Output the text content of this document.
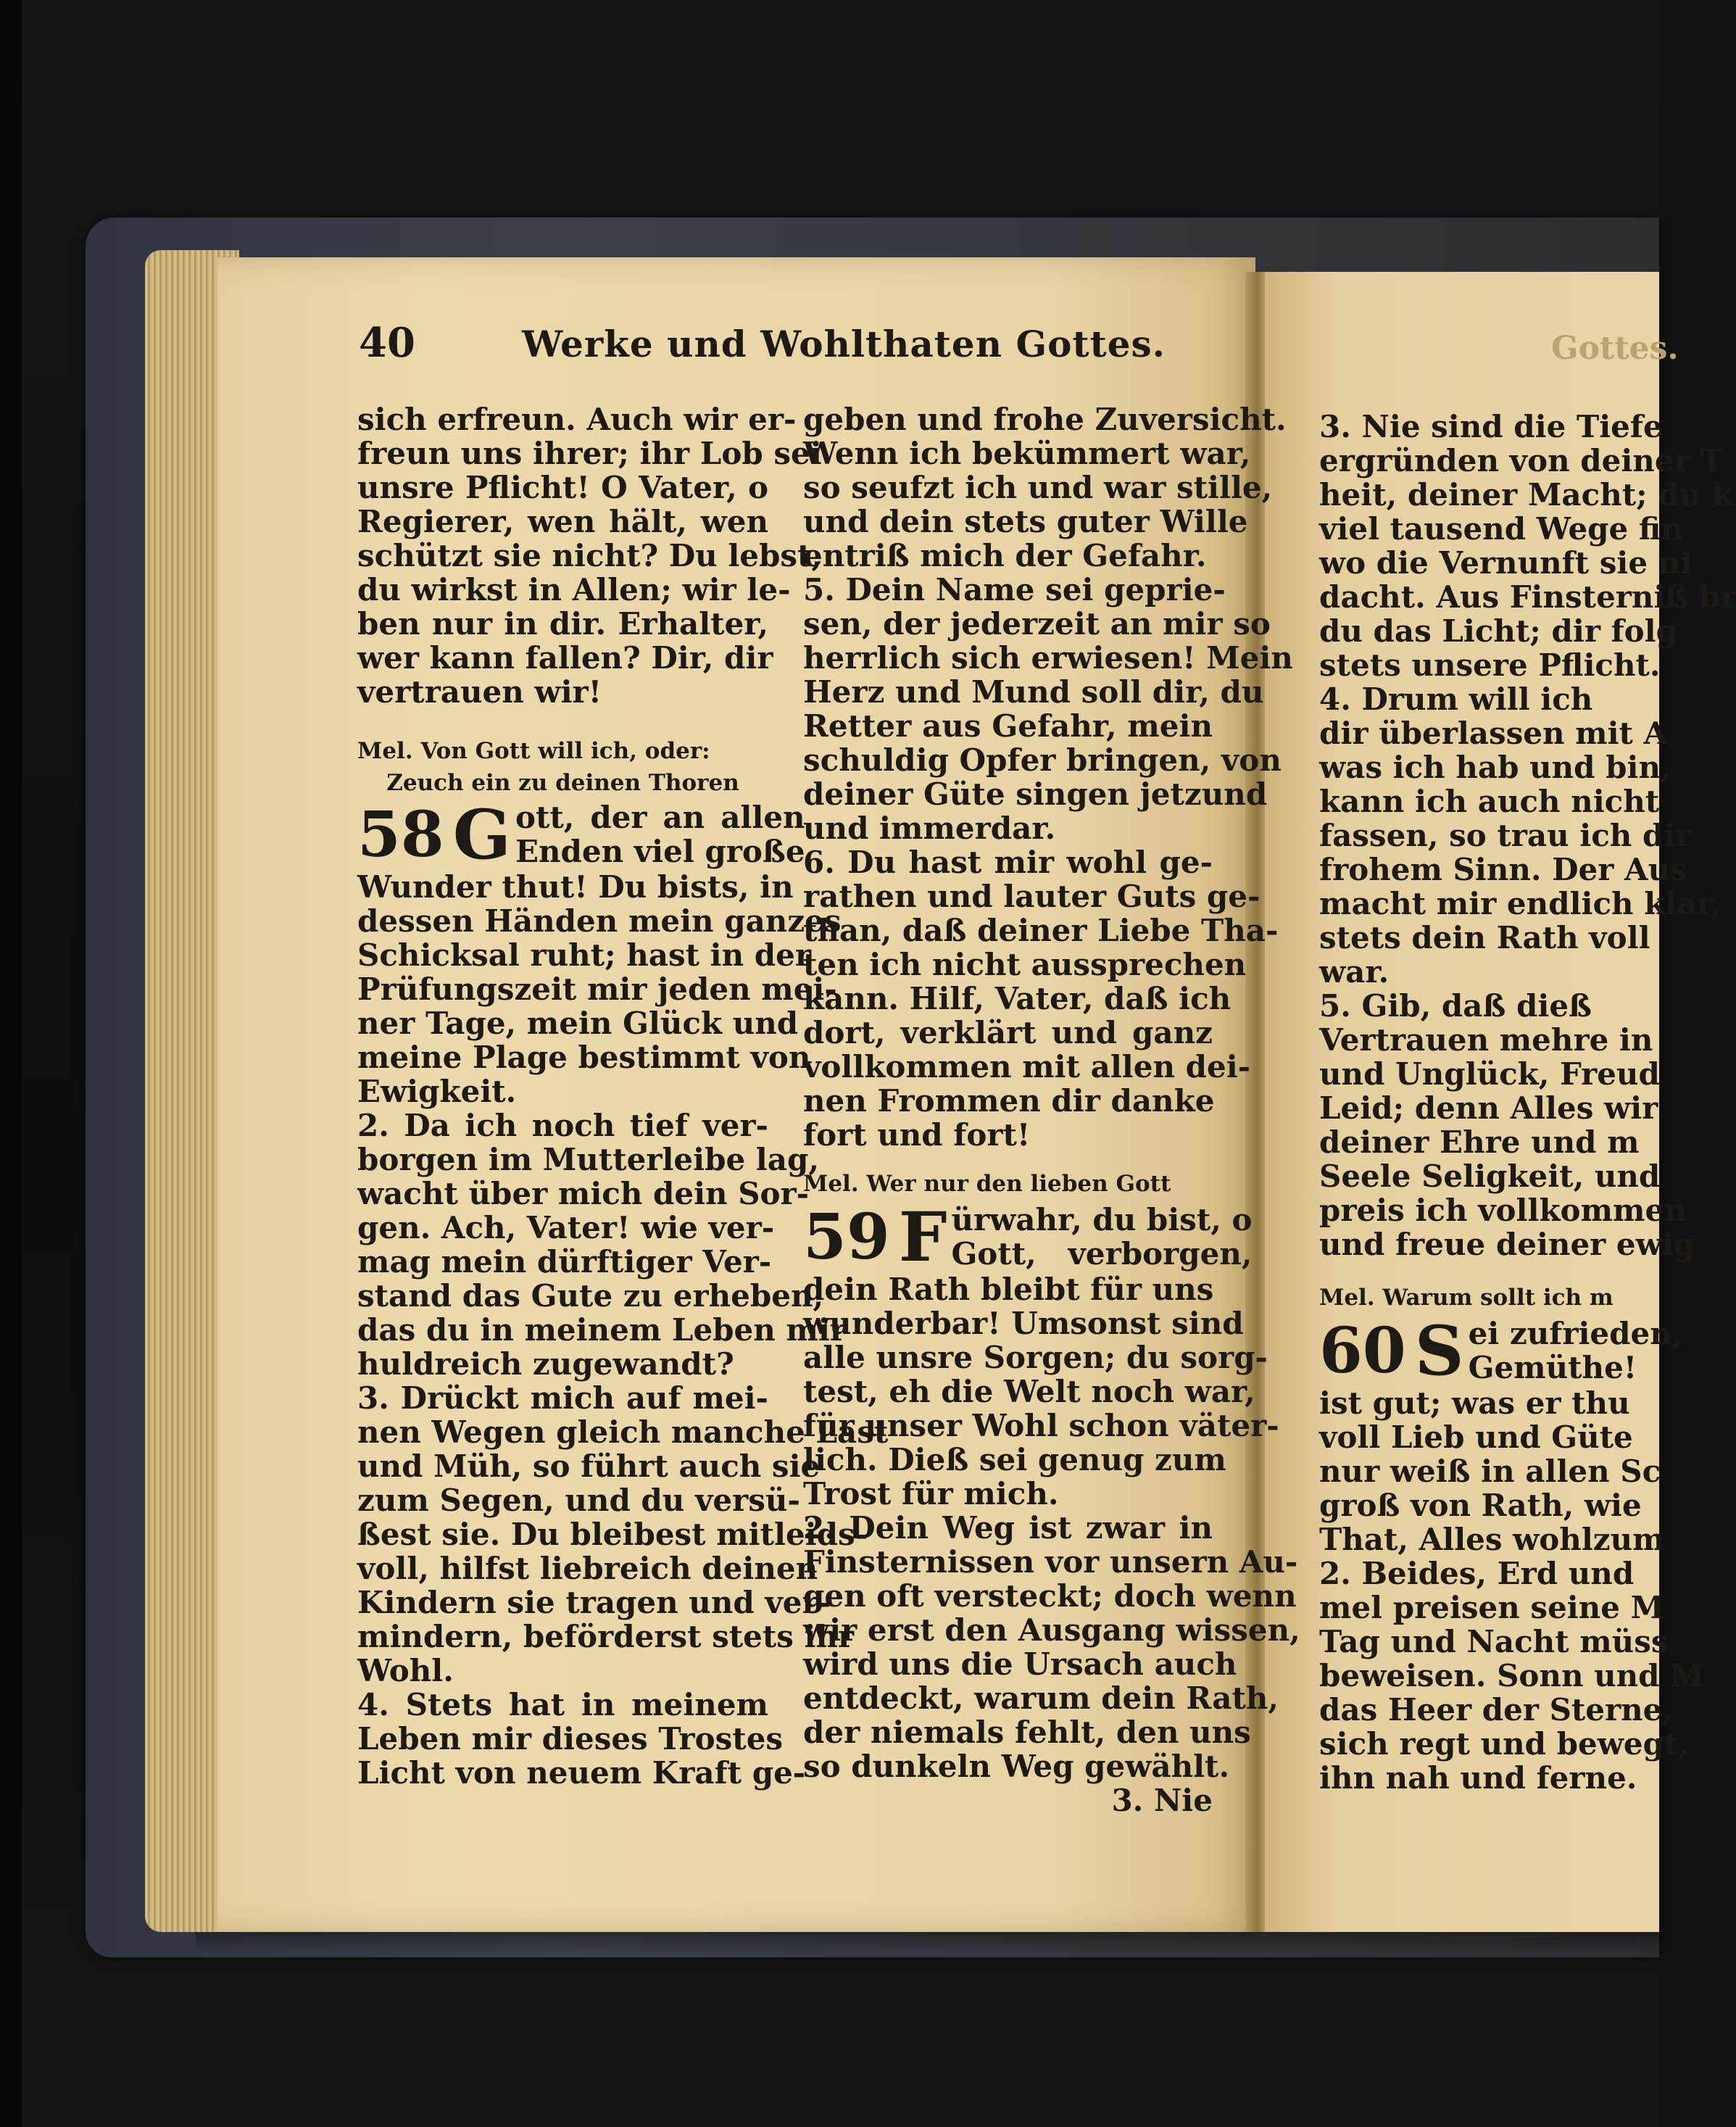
40	Werke und Wohlthaten Gottes.	Gottes.
sich erfreun. Auch wir er-
freun uns ihrer; ihr Lob sei
unsre Pflicht! O Vater, o
Regierer, wen hält, wen
schützt sie nicht? Du lebst,
du wirkst in Allen; wir le-
ben nur in dir. Erhalter,
wer kann fallen? Dir, dir
vertrauen wir!
Mel. Von Gott will ich, oder:
Zeuch ein zu deinen Thoren
58 G ott, der an allen
Enden viel große
Wunder thut! Du bists, in
dessen Händen mein ganzes
Schicksal ruht; hast in der
Prüfungszeit mir jeden mei-
ner Tage, mein Glück und
meine Plage bestimmt von
Ewigkeit.
2. Da ich noch tief ver-
borgen im Mutterleibe lag,
wacht über mich dein Sor-
gen. Ach, Vater! wie ver-
mag mein dürftiger Ver-
stand das Gute zu erheben,
das du in meinem Leben mir
huldreich zugewandt?
3. Drückt mich auf mei-
nen Wegen gleich manche Last
und Müh, so führt auch sie
zum Segen, und du versü-
ßest sie. Du bleibest mitleids-
voll, hilfst liebreich deinen
Kindern sie tragen und ver-
mindern, beförderst stets ihr
Wohl.
4. Stets hat in meinem
Leben mir dieses Trostes
Licht von neuem Kraft ge-
geben und frohe Zuversicht.
Wenn ich bekümmert war,
so seufzt ich und war stille,
und dein stets guter Wille
entriß mich der Gefahr.
5. Dein Name sei geprie-
sen, der jederzeit an mir so
herrlich sich erwiesen! Mein
Herz und Mund soll dir, du
Retter aus Gefahr, mein
schuldig Opfer bringen, von
deiner Güte singen jetzund
und immerdar.
6. Du hast mir wohl ge-
rathen und lauter Guts ge-
than, daß deiner Liebe Tha-
ten ich nicht aussprechen
kann. Hilf, Vater, daß ich
dort, verklärt und ganz
vollkommen mit allen dei-
nen Frommen dir danke
fort und fort!
Mel. Wer nur den lieben Gott
59 F ürwahr, du bist, o
Gott, verborgen,
dein Rath bleibt für uns
wunderbar! Umsonst sind
alle unsre Sorgen; du sorg-
test, eh die Welt noch war,
für unser Wohl schon väter-
lich. Dieß sei genug zum
Trost für mich.
2. Dein Weg ist zwar in
Finsternissen vor unsern Au-
gen oft versteckt; doch wenn
wir erst den Ausgang wissen,
wird uns die Ursach auch
entdeckt, warum dein Rath,
der niemals fehlt, den uns
so dunkeln Weg gewählt.
3. Nie
3. Nie sind die Tiefe
ergründen von deiner T
heit, deiner Macht; du k
viel tausend Wege fin
wo die Vernunft sie ni
dacht. Aus Finsterniß br
du das Licht; dir folg
stets unsere Pflicht.
4. Drum will ich
dir überlassen mit A
was ich hab und bin,
kann ich auch nicht
fassen, so trau ich dir
frohem Sinn. Der Aus
macht mir endlich klar,
stets dein Rath voll
war.
5. Gib, daß dieß
Vertrauen mehre in
und Unglück, Freud
Leid; denn Alles wir
deiner Ehre und m
Seele Seligkeit, und
preis ich vollkommen
und freue deiner ewig
Mel. Warum sollt ich m
60 S ei zufrieden,
Gemüthe!
ist gut; was er thu
voll Lieb und Güte
nur weiß in allen Sc
groß von Rath, wie
That, Alles wohlzum
2. Beides, Erd und
mel preisen seine M
Tag und Nacht müss
beweisen. Sonn und M
das Heer der Sterne,
sich regt und bewegt,
ihn nah und ferne.
